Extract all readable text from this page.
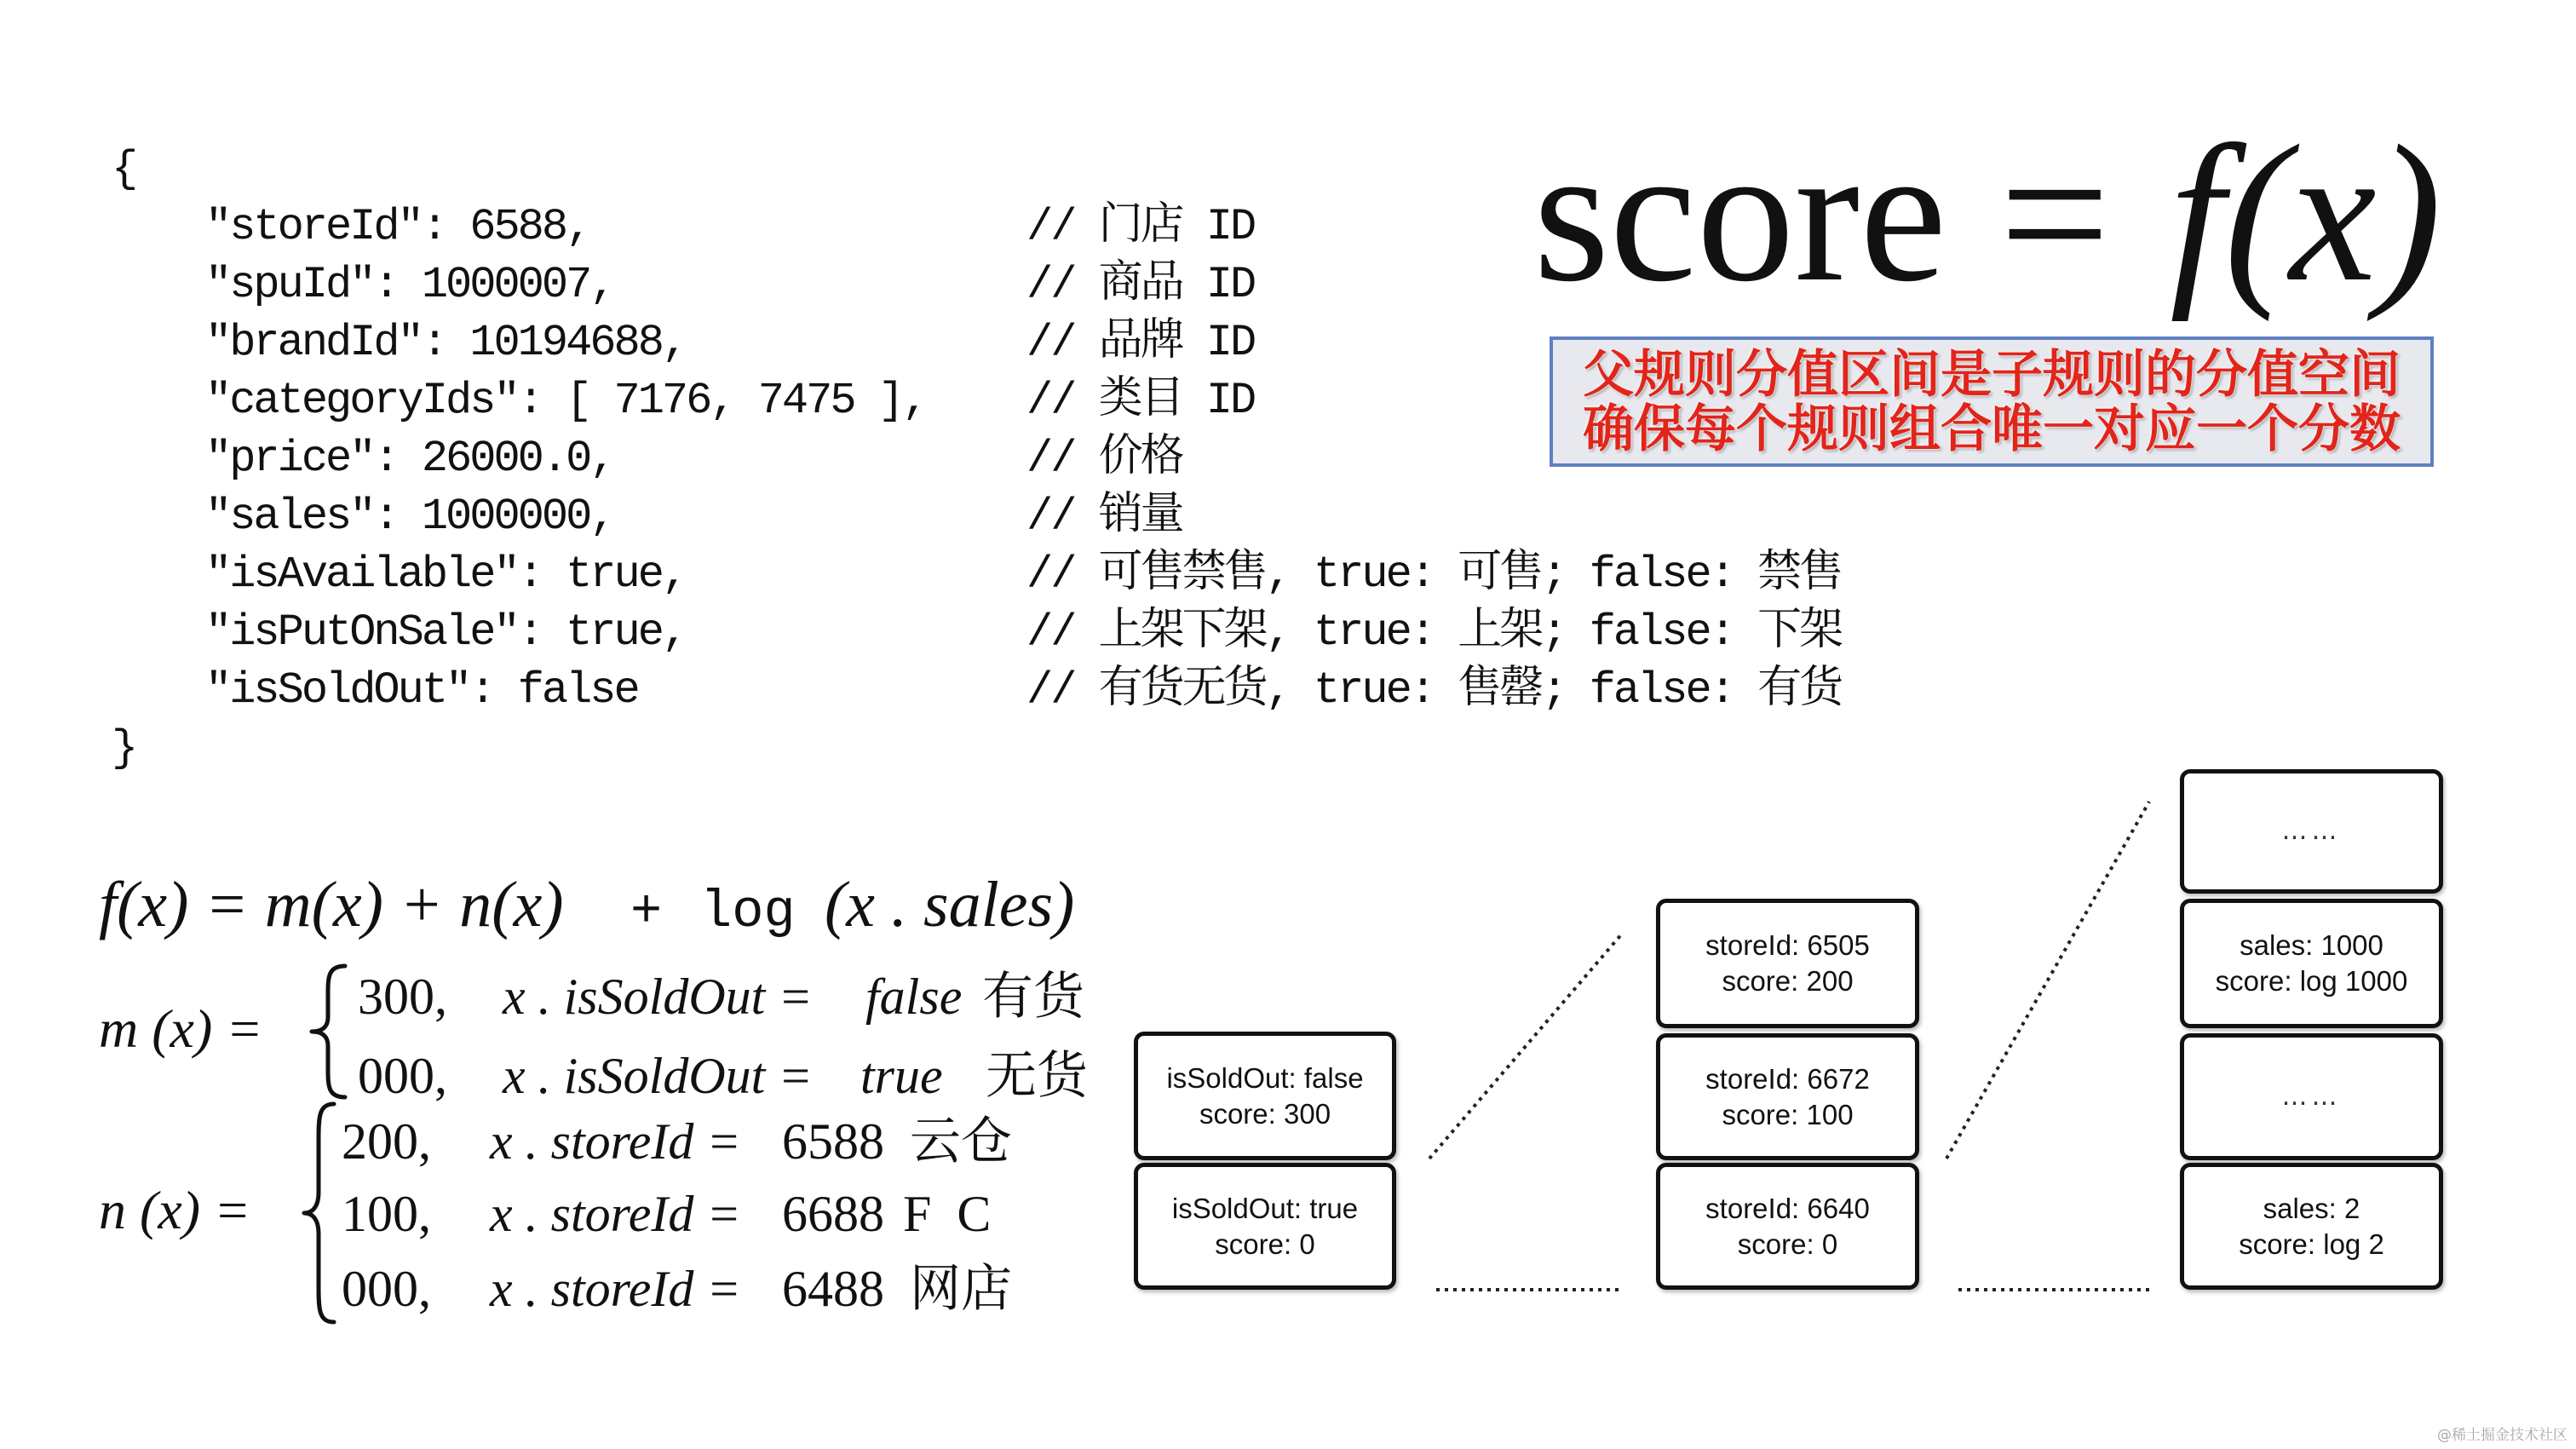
{
"storeId": 6588,	// 门店 ID
"spuId": 1000007,	// 商品 ID
"brandId": 10194688,	// 品牌 ID
"categoryIds": [ 7176, 7475 ], // 类目 ID
"price": 26000.0,	// 价格
"sales": 1000000,	// 销量
"isAvailable": true,	// 可售禁售, true: 可售; false: 禁售
"isPutOnSale": true,	// 上架下架, true: 上架; false: 下架
"isSoldOut": false	// 有货无货, true: 售罄; false: 有货
}
score = f(x)
父规则分值区间是子规则的分值空间
确保每个规则组合唯一对应一个分数
f(x) = m(x) + n(x) + log (x . sales)
m (x) =
300, x . isSoldOut = false 有货
000, x . isSoldOut = true 无货
n (x) =
200, x . storeId = 6588 云仓
100, x . storeId = 6688 F  C
000, x . storeId = 6488 网店
isSoldOut: false
score: 300
isSoldOut: true
score: 0
storeId: 6505
score: 200
storeId: 6672
score: 100
storeId: 6640
score: 0
……
sales: 1000
score: log 1000
……
sales: 2
score: log 2
@稀土掘金技术社区
